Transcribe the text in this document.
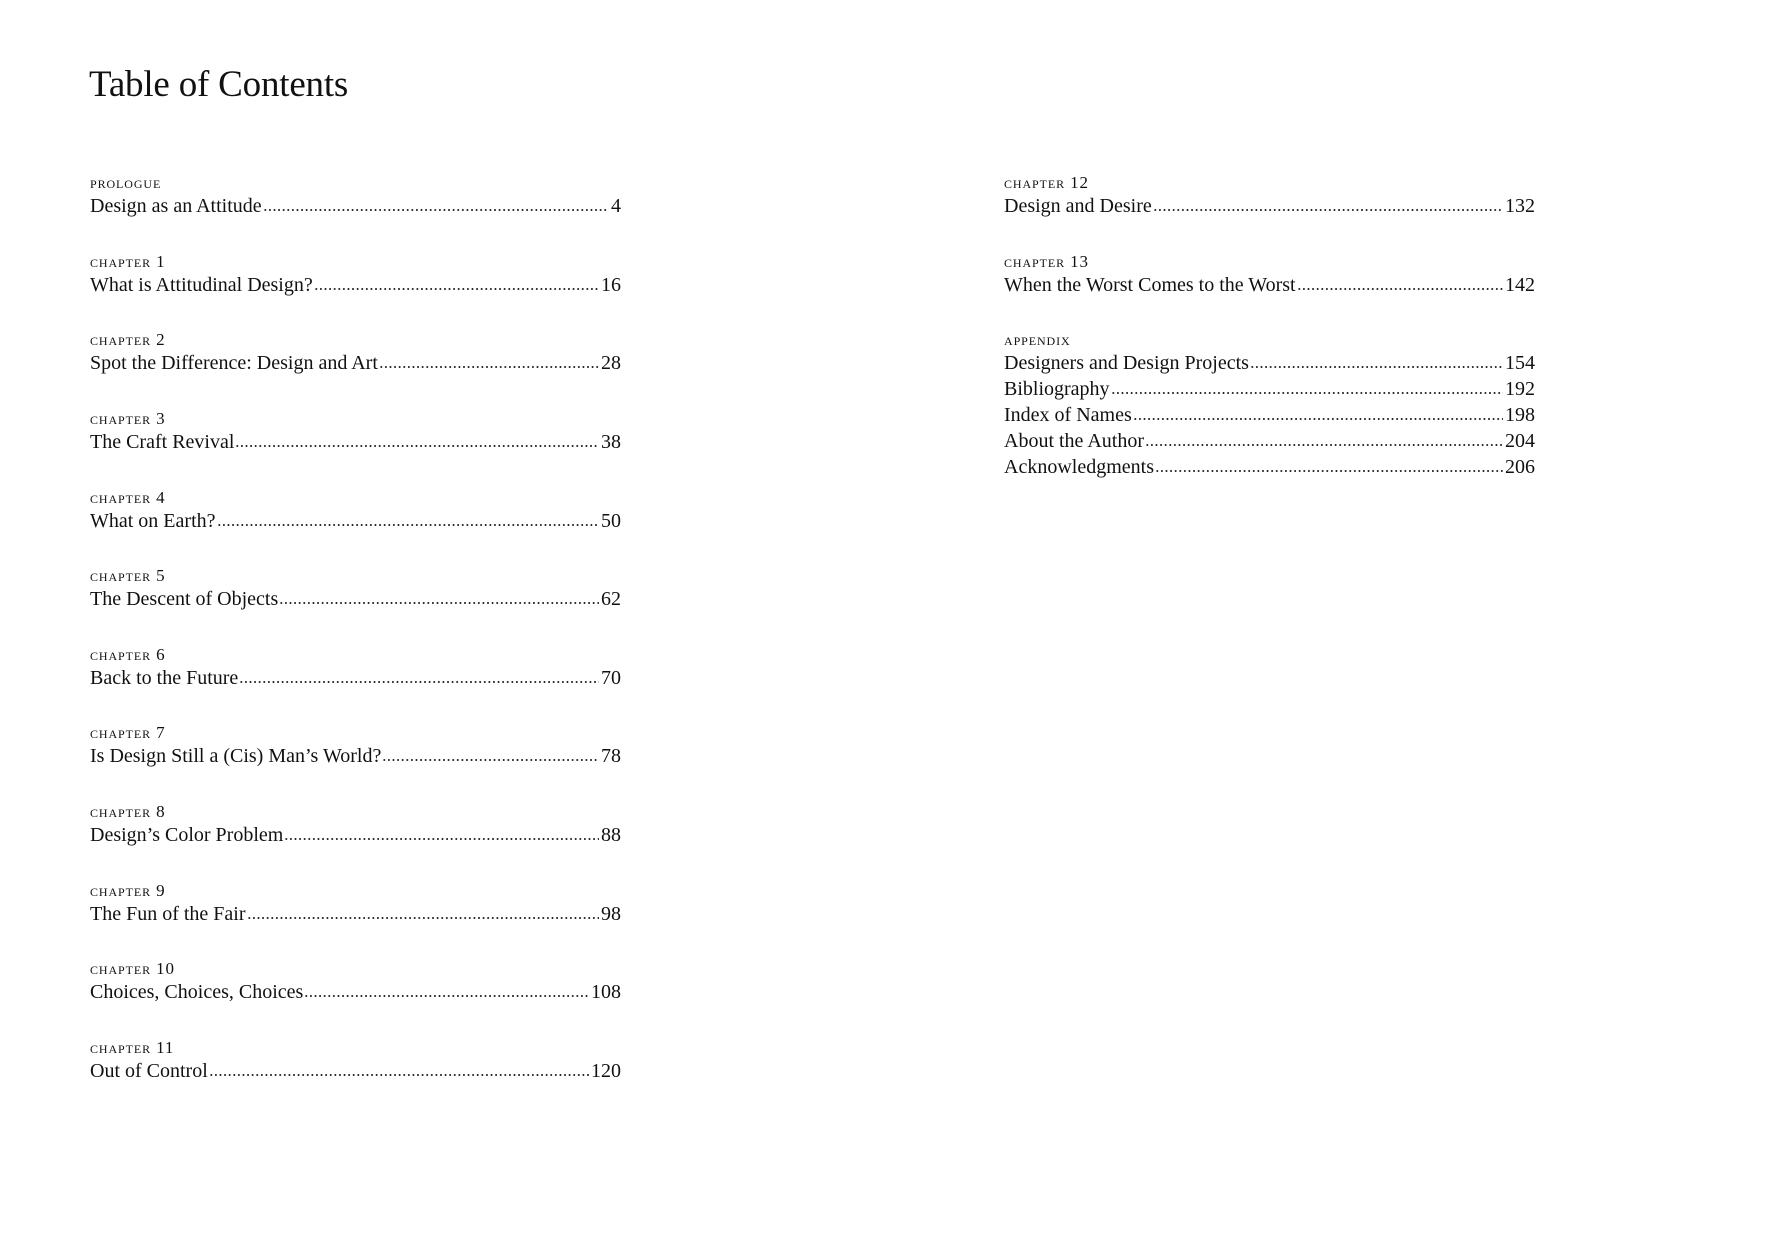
Table of Contents
prologue
Design as an Attitude	4
chapter 1
What is Attitudinal Design?	16
chapter 2
Spot the Difference: Design and Art	28
chapter 3
The Craft Revival	38
chapter 4
What on Earth?	50
chapter 5
The Descent of Objects	62
chapter 6
Back to the Future	70
chapter 7
Is Design Still a (Cis) Man’s World?	78
chapter 8
Design’s Color Problem	88
chapter 9
The Fun of the Fair	98
chapter 10
Choices, Choices, Choices	108
chapter 11
Out of Control	120
chapter 12
Design and Desire	132
chapter 13
When the Worst Comes to the Worst	142
appendix
Designers and Design Projects	154
Bibliography	192
Index of Names	198
About the Author	204
Acknowledgments	206
